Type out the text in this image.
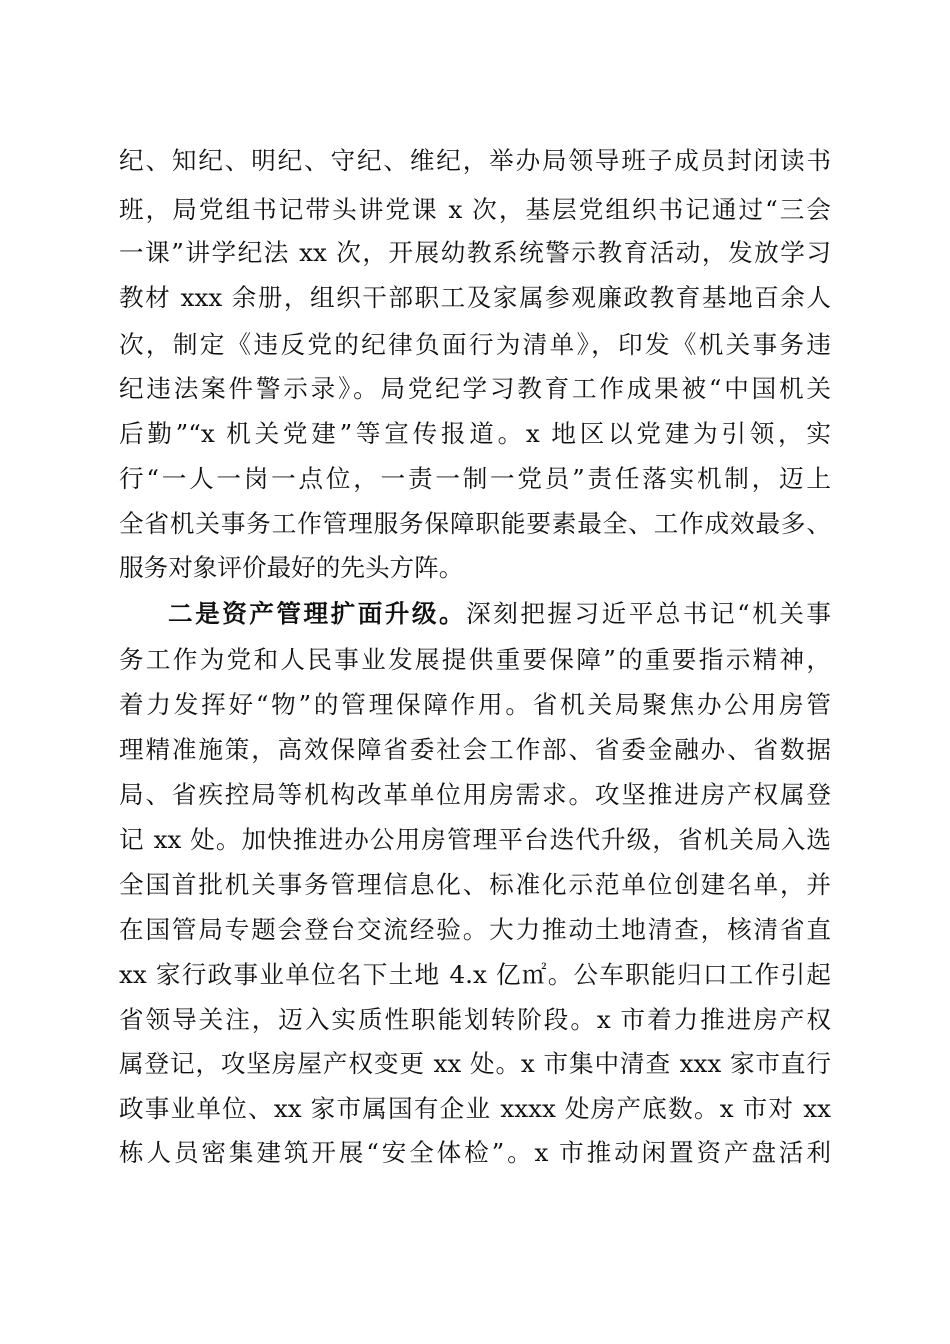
纪、知纪、明纪、守纪、维纪，举办局领导班子成员封闭读书

班，局党组书记带头讲党课 x 次，基层党组织书记通过“三会

一课”讲学纪法 xx 次，开展幼教系统警示教育活动，发放学习

教材 xxx 余册，组织干部职工及家属参观廉政教育基地百余人

次，制定《违反党的纪律负面行为清单》，印发《机关事务违

纪违法案件警示录》。局党纪学习教育工作成果被“中国机关

后勤”“x 机关党建”等宣传报道。x 地区以党建为引领，实

行“一人一岗一点位，一责一制一党员”责任落实机制，迈上

全省机关事务工作管理服务保障职能要素最全、工作成效最多、

服务对象评价最好的先头方阵。

二是资产管理扩面升级。深刻把握习近平总书记“机关事

务工作为党和人民事业发展提供重要保障”的重要指示精神，

着力发挥好“物”的管理保障作用。省机关局聚焦办公用房管

理精准施策，高效保障省委社会工作部、省委金融办、省数据

局、省疾控局等机构改革单位用房需求。攻坚推进房产权属登

记 xx 处。加快推进办公用房管理平台迭代升级，省机关局入选

全国首批机关事务管理信息化、标准化示范单位创建名单，并

在国管局专题会登台交流经验。大力推动土地清查，核清省直

xx 家行政事业单位名下土地 4.x 亿㎡。公车职能归口工作引起

省领导关注，迈入实质性职能划转阶段。x 市着力推进房产权

属登记，攻坚房屋产权变更 xx 处。x 市集中清查 xxx 家市直行

政事业单位、xx 家市属国有企业 xxxx 处房产底数。x 市对 xx

栋人员密集建筑开展“安全体检”。x 市推动闲置资产盘活利
